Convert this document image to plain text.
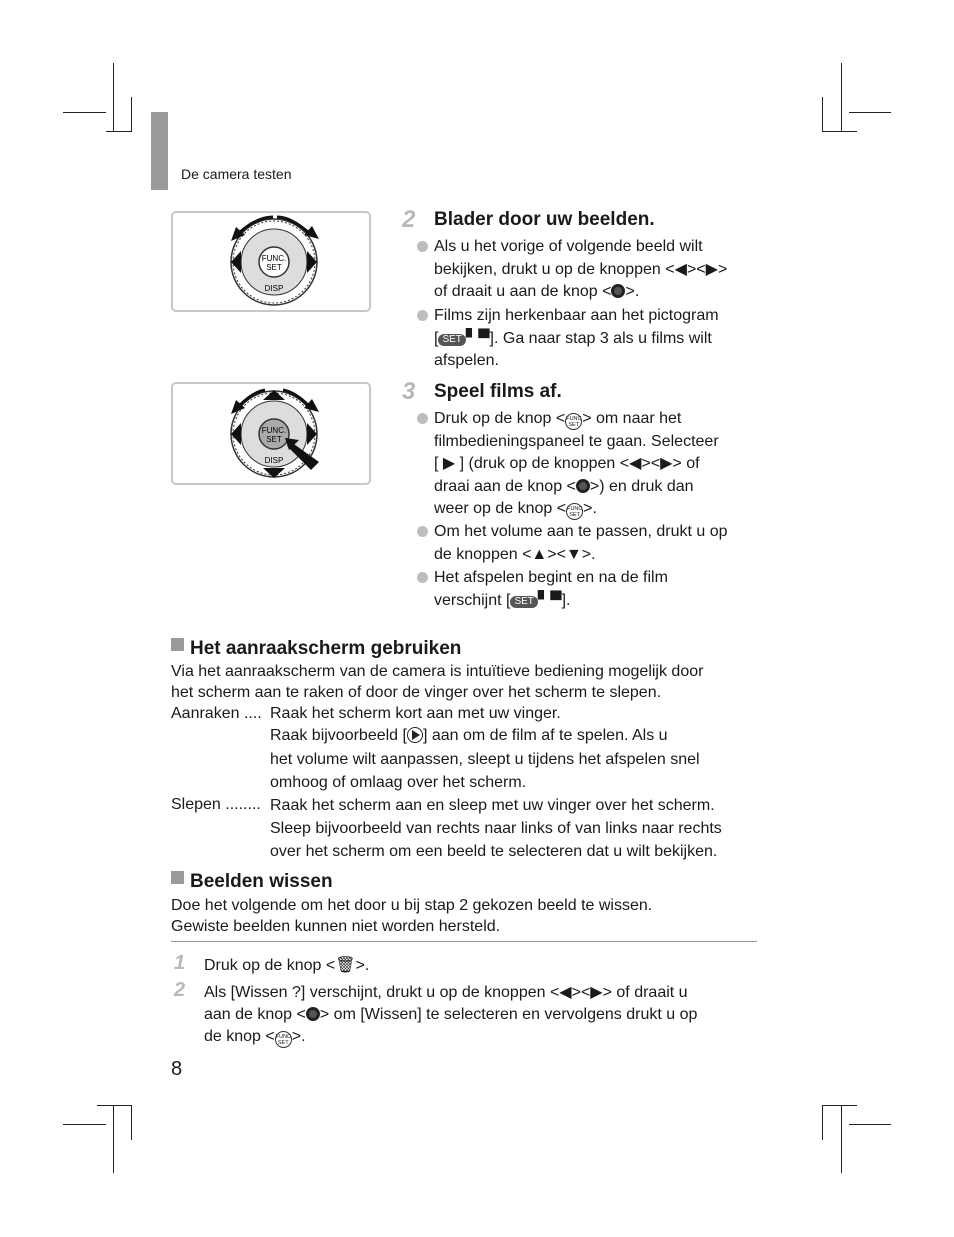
De camera testen
FUNC.
SET
DISP
FUNC.
SET
DISP
2 Blader door uw beelden.
Als u het vorige of volgende beeld wilt
bekijken, drukt u op de knoppen <◀><▶>
of draait u aan de knop < >.
Films zijn herkenbaar aan het pictogram
[ SET ▘▀]. Ga naar stap 3 als u films wilt
afspelen.
3 Speel films af.
Druk op de knop <FUNC
SET > om naar het
filmbedieningspaneel te gaan. Selecteer
[ ▶ ] (druk op de knoppen <◀><▶> of
draai aan de knop < >) en druk dan
weer op de knop <FUNC
SET >.
Om het volume aan te passen, drukt u op
de knoppen <▲><▼>.
Het afspelen begint en na de film
verschijnt [ SET ▘▀].
Het aanraakscherm gebruiken
Via het aanraakscherm van de camera is intuïtieve bediening mogelijk door
het scherm aan te raken of door de vinger over het scherm te slepen.
Aanraken .... Raak het scherm kort aan met uw vinger.
Raak bijvoorbeeld [ ] aan om de film af te spelen. Als u
het volume wilt aanpassen, sleept u tijdens het afspelen snel
omhoog of omlaag over het scherm.
Slepen ........ Raak het scherm aan en sleep met uw vinger over het scherm.
Sleep bijvoorbeeld van rechts naar links of van links naar rechts
over het scherm om een beeld te selecteren dat u wilt bekijken.
Beelden wissen
Doe het volgende om het door u bij stap 2 gekozen beeld te wissen.
Gewiste beelden kunnen niet worden hersteld.
1 Druk op de knop <🗑>.
2 Als [Wissen ?] verschijnt, drukt u op de knoppen <◀><▶> of draait u
aan de knop < > om [Wissen] te selecteren en vervolgens drukt u op
de knop <FUNC
SET >.
8
